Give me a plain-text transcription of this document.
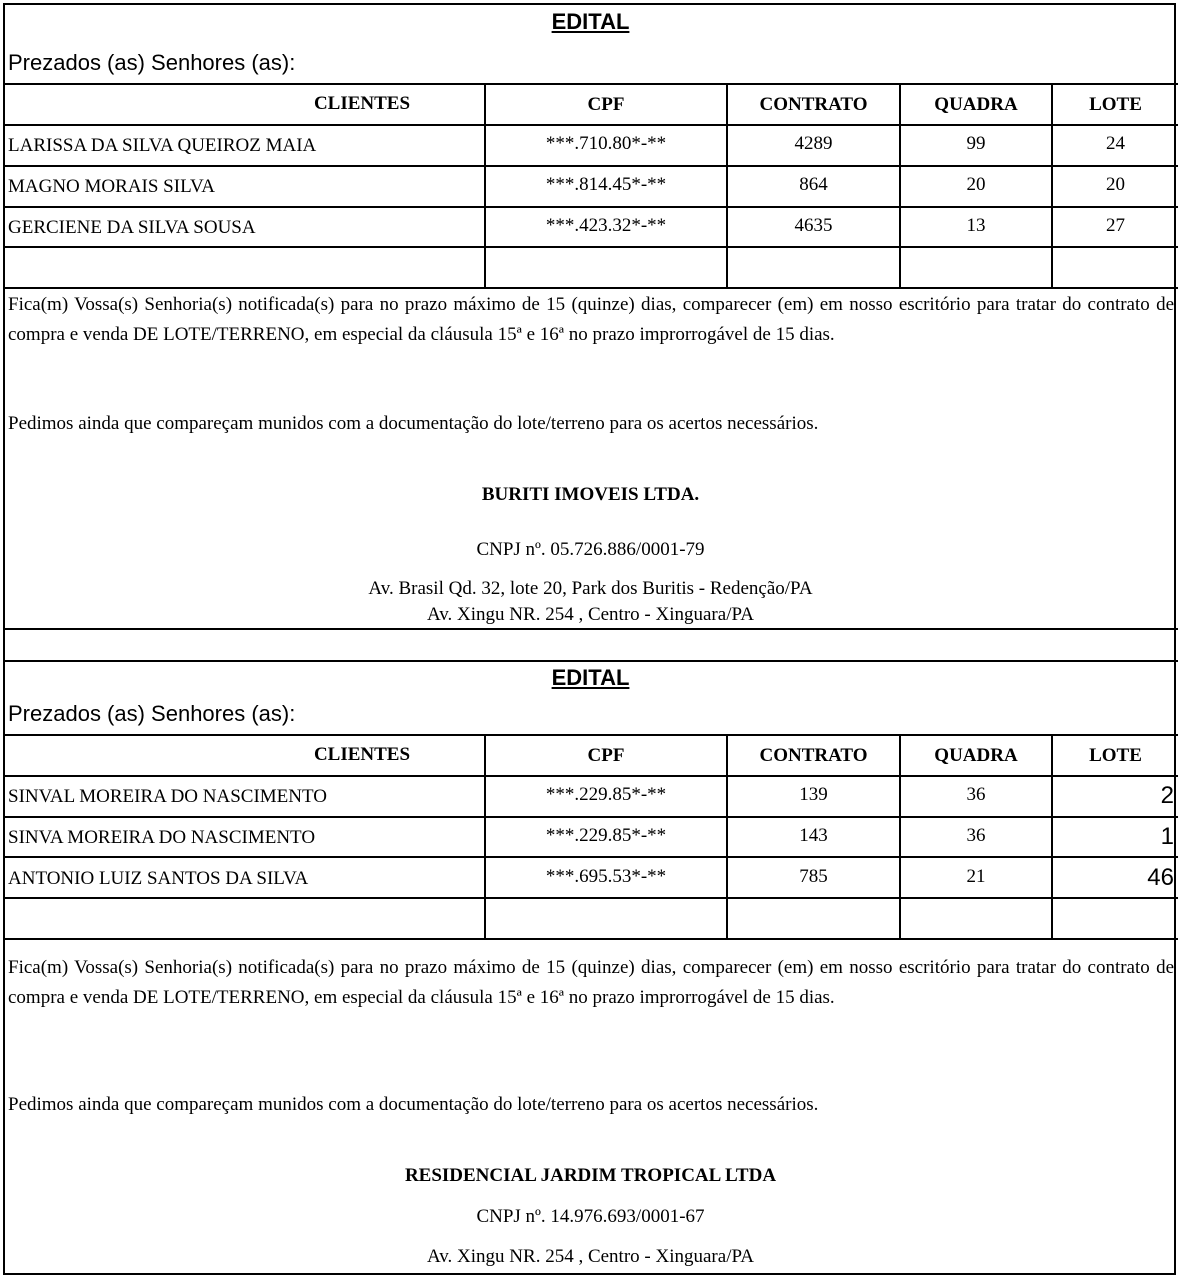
EDITAL
Prezados (as) Senhores (as):
CLIENTES	CPF	CONTRATO	QUADRA	LOTE
LARISSA DA SILVA QUEIROZ MAIA	***.710.80*-**	4289	99	24
MAGNO MORAIS SILVA	***.814.45*-**	864	20	20
GERCIENE DA SILVA SOUSA	***.423.32*-**	4635	13	27
Fica(m) Vossa(s) Senhoria(s) notificada(s) para no prazo máximo de 15 (quinze) dias, comparecer (em) em nosso escritório para tratar do contrato de compra e venda DE LOTE/TERRENO, em especial da cláusula 15ª e 16ª no prazo improrrogável de 15 dias.
Pedimos ainda que compareçam munidos com a documentação do lote/terreno para os acertos necessários.
BURITI IMOVEIS LTDA.
CNPJ nº. 05.726.886/0001-79
Av. Brasil Qd. 32, lote 20, Park dos Buritis - Redenção/PA
Av. Xingu NR. 254 , Centro - Xinguara/PA
EDITAL
Prezados (as) Senhores (as):
CLIENTES	CPF	CONTRATO	QUADRA	LOTE
SINVAL MOREIRA DO NASCIMENTO	***.229.85*-**	139	36	2
SINVA MOREIRA DO NASCIMENTO	***.229.85*-**	143	36	1
ANTONIO LUIZ SANTOS DA SILVA	***.695.53*-**	785	21	46
Fica(m) Vossa(s) Senhoria(s) notificada(s) para no prazo máximo de 15 (quinze) dias, comparecer (em) em nosso escritório para tratar do contrato de compra e venda DE LOTE/TERRENO, em especial da cláusula 15ª e 16ª no prazo improrrogável de 15 dias.
Pedimos ainda que compareçam munidos com a documentação do lote/terreno para os acertos necessários.
RESIDENCIAL JARDIM TROPICAL LTDA
CNPJ nº. 14.976.693/0001-67
Av. Xingu NR. 254 , Centro - Xinguara/PA
